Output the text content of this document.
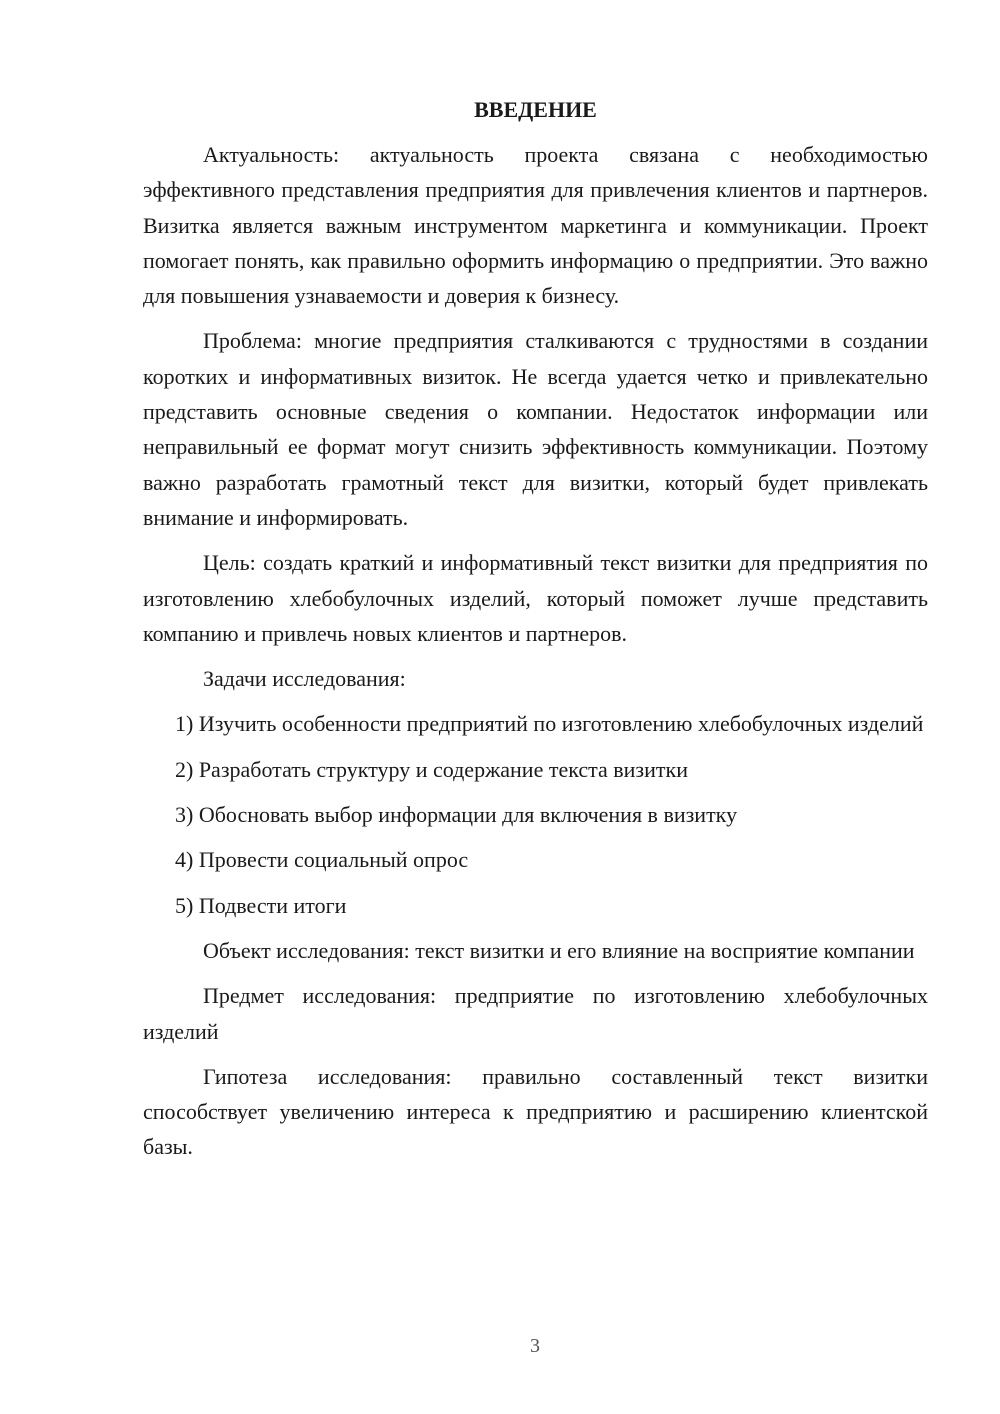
ВВЕДЕНИЕ

Актуальность: актуальность проекта связана с необходимостью эффективного представления предприятия для привлечения клиентов и партнеров. Визитка является важным инструментом маркетинга и коммуникации. Проект помогает понять, как правильно оформить информацию о предприятии. Это важно для повышения узнаваемости и доверия к бизнесу.

Проблема: многие предприятия сталкиваются с трудностями в создании коротких и информативных визиток. Не всегда удается четко и привлекательно представить основные сведения о компании. Недостаток информации или неправильный ее формат могут снизить эффективность коммуникации. Поэтому важно разработать грамотный текст для визитки, который будет привлекать внимание и информировать.

Цель: создать краткий и информативный текст визитки для предприятия по изготовлению хлебобулочных изделий, который поможет лучше представить компанию и привлечь новых клиентов и партнеров.

Задачи исследования:

1) Изучить особенности предприятий по изготовлению хлебобулочных изделий

2) Разработать структуру и содержание текста визитки

3) Обосновать выбор информации для включения в визитку

4) Провести социальный опрос

5) Подвести итоги

Объект исследования: текст визитки и его влияние на восприятие компании

Предмет исследования: предприятие по изготовлению хлебобулочных изделий

Гипотеза исследования: правильно составленный текст визитки способствует увеличению интереса к предприятию и расширению клиентской базы.

3
